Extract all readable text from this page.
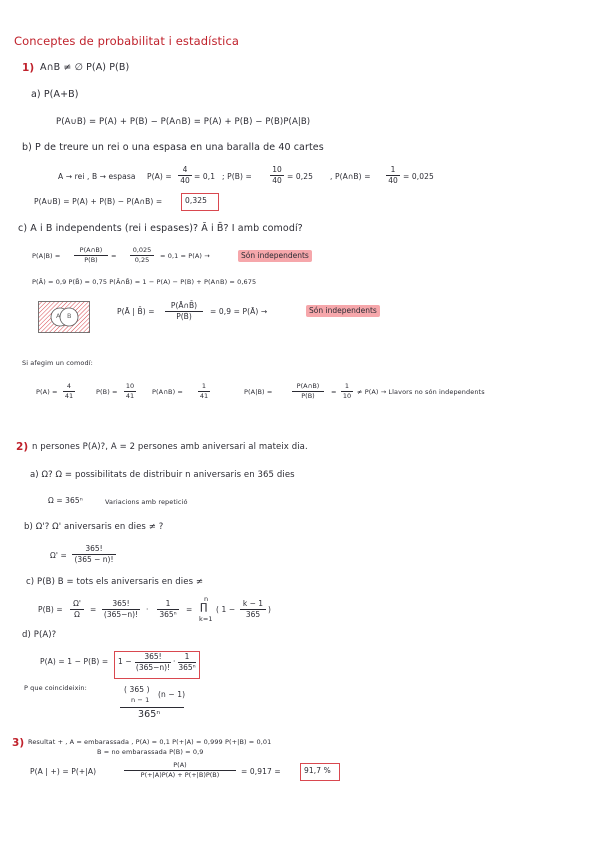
Conceptes de probabilitat i estadística
1) A∩B ≠ ∅ P(A) P(B)
a) P(A+B)
P(A∪B) = P(A) + P(B) − P(A∩B) = P(A) + P(B) − P(B)P(A|B)
b) P de treure un rei o una espasa en una baralla de 40 cartes
A → rei , B → espasa $P(A) = \frac{4}{40} = 0,1$ ; $P(B) = \frac{10}{40} = 0,25$ , P(A∩B) = $\frac{1}{40} = 0,025$
P(A∪B) = P(A) + P(B) − P(A∩B) =	0,325
c) A i B independents (rei i espases)? Ā i B̄? I amb comodí?
$P(A|B) = \frac{P(A\cap B)}{P(B)} = \frac{0,025}{0,25} = 0,1 = P(A)$ →	Són independents
P(Ā) = 0,9 P(B̄) = 0,75 P(Ā∩B̄) = 1 − P(A) − P(B) + P(A∩B) = 0,675
A B	P(Ā | B̄) = $\frac{P(Ā\cap B̄)}{P(B̄)} = 0,9$ = P(Ā) →	Són independents
Si afegim un comodí:
$P(A) = \frac{4}{41}$	$P(B) = \frac{10}{41}$ P(A∩B) = $\frac{1}{41}$	P(A|B) =	$\frac{P(A\cap B)}{P(B)} = \frac{1}{10} \ne P(A)$ → Llavors no són independents
2) n persones P(A)?, A = 2 persones amb aniversari al mateix dia.
a) Ω? Ω = possibilitats de distribuir n aniversaris en 365 dies
Ω = 365ⁿ	Variacions amb repetició
b) Ω'? Ω' aniversaris en dies ≠ ?
$\Omega' = \frac{365!}{(365 - n)!}$
c) P(B) B = tots els aniversaris en dies ≠
$P(B) = \frac{\Omega'}{\Omega} = \frac{365!}{(365-n)!} \cdot \frac{1}{\text{365ⁿ}}$ =
n
∏
k=1
( $1 - \frac{k - 1}{365}$ )
d) P(A)?
$P(A) = 1 - P(B) = 1 - \frac{365!}{(365-n)!} \cdot \frac{1}{\text{365ⁿ}}$
P que coincideixin:	( 365 )
n − 1
(n − 1)
365ⁿ
3) Resultat + , A = embarassada , P(A) = 0,1 P(+|A) = 0,999 P(+|B) = 0,01
B = no embarassada P(B) = 0,9
P(A | +) = P(+|A)	$\frac{P(A)}{P(+|A)P(A) + P(+|B)P(B)} = 0,917$ =	91,7 %
